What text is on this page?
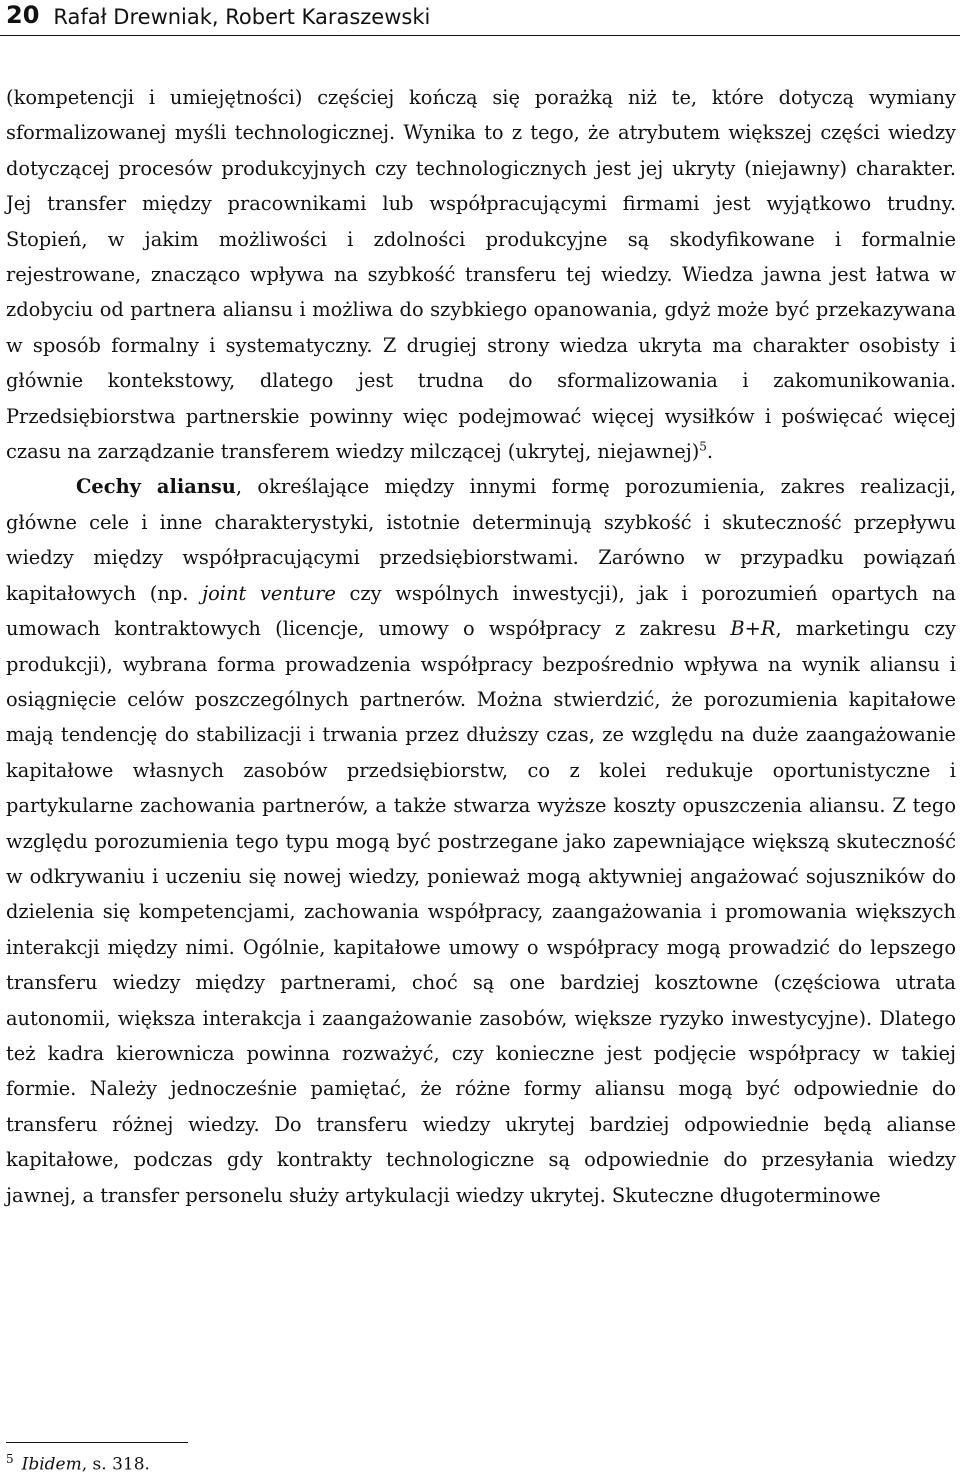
20 Rafał Drewniak, Robert Karaszewski

(kompetencji i umiejętności) częściej kończą się porażką niż te, które dotyczą wymiany sformalizowanej myśli technologicznej. Wynika to z tego, że atrybutem większej części wiedzy dotyczącej procesów produkcyjnych czy technologicznych jest jej ukryty (niejawny) charakter. Jej transfer między pracownikami lub współpracującymi firmami jest wyjątkowo trudny. Stopień, w jakim możliwości i zdolności produkcyjne są skodyfikowane i formalnie rejestrowane, znacząco wpływa na szybkość transferu tej wiedzy. Wiedza jawna jest łatwa w zdobyciu od partnera aliansu i możliwa do szybkiego opanowania, gdyż może być przekazywana w sposób formalny i systematyczny. Z drugiej strony wiedza ukryta ma charakter osobisty i głównie kontekstowy, dlatego jest trudna do sformalizowania i zakomunikowania. Przedsiębiorstwa partnerskie powinny więc podejmować więcej wysiłków i poświęcać więcej czasu na zarządzanie transferem wiedzy milczącej (ukrytej, niejawnej)$^5$.

Cechy aliansu, określające między innymi formę porozumienia, zakres realizacji, główne cele i inne charakterystyki, istotnie determinują szybkość i skuteczność przepływu wiedzy między współpracującymi przedsiębiorstwami. Zarówno w przypadku powiązań kapitałowych (np. joint venture czy wspólnych inwestycji), jak i porozumień opartych na umowach kontraktowych (licencje, umowy o współpracy z zakresu B+R, marketingu czy produkcji), wybrana forma prowadzenia współpracy bezpośrednio wpływa na wynik aliansu i osiągnięcie celów poszczególnych partnerów. Można stwierdzić, że porozumienia kapitałowe mają tendencję do stabilizacji i trwania przez dłuższy czas, ze względu na duże zaangażowanie kapitałowe własnych zasobów przedsiębiorstw, co z kolei redukuje oportunistyczne i partykularne zachowania partnerów, a także stwarza wyższe koszty opuszczenia aliansu. Z tego względu porozumienia tego typu mogą być postrzegane jako zapewniające większą skuteczność w odkrywaniu i uczeniu się nowej wiedzy, ponieważ mogą aktywniej angażować sojuszników do dzielenia się kompetencjami, zachowania współpracy, zaangażowania i promowania większych interakcji między nimi. Ogólnie, kapitałowe umowy o współpracy mogą prowadzić do lepszego transferu wiedzy między partnerami, choć są one bardziej kosztowne (częściowa utrata autonomii, większa interakcja i zaangażowanie zasobów, większe ryzyko inwestycyjne). Dlatego też kadra kierownicza powinna rozważyć, czy konieczne jest podjęcie współpracy w takiej formie. Należy jednocześnie pamiętać, że różne formy aliansu mogą być odpowiednie do transferu różnej wiedzy. Do transferu wiedzy ukrytej bardziej odpowiednie będą alianse kapitałowe, podczas gdy kontrakty technologiczne są odpowiednie do przesyłania wiedzy jawnej, a transfer personelu służy artykulacji wiedzy ukrytej. Skuteczne długoterminowe

$^5$ Ibidem, s. 318.
